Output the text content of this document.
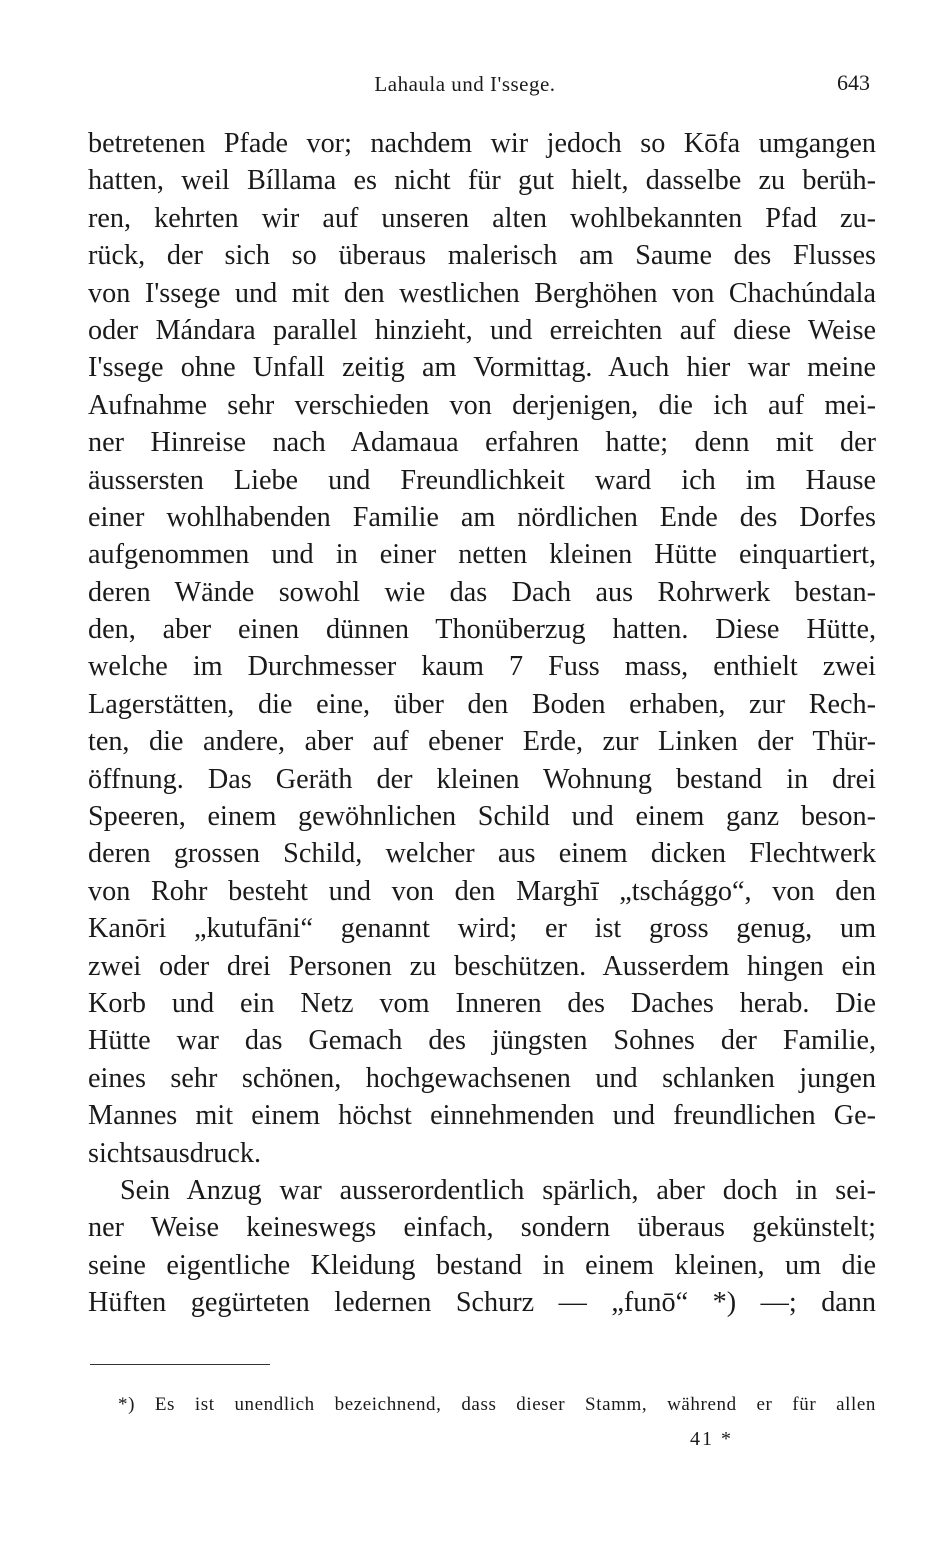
Lahaula und I'ssege.	643
betretenen Pfade vor; nachdem wir jedoch so Kōfa umgangen
hatten, weil Bíllama es nicht für gut hielt, dasselbe zu berüh-
ren, kehrten wir auf unseren alten wohlbekannten Pfad zu-
rück, der sich so überaus malerisch am Saume des Flusses
von I'ssege und mit den westlichen Berghöhen von Chachúndala
oder Mándara parallel hinzieht, und erreichten auf diese Weise
I'ssege ohne Unfall zeitig am Vormittag. Auch hier war meine
Aufnahme sehr verschieden von derjenigen, die ich auf mei-
ner Hinreise nach Adamaua erfahren hatte; denn mit der
äussersten Liebe und Freundlichkeit ward ich im Hause
einer wohlhabenden Familie am nördlichen Ende des Dorfes
aufgenommen und in einer netten kleinen Hütte einquartiert,
deren Wände sowohl wie das Dach aus Rohrwerk bestan-
den, aber einen dünnen Thonüberzug hatten. Diese Hütte,
welche im Durchmesser kaum 7 Fuss mass, enthielt zwei
Lagerstätten, die eine, über den Boden erhaben, zur Rech-
ten, die andere, aber auf ebener Erde, zur Linken der Thür-
öffnung. Das Geräth der kleinen Wohnung bestand in drei
Speeren, einem gewöhnlichen Schild und einem ganz beson-
deren grossen Schild, welcher aus einem dicken Flechtwerk
von Rohr besteht und von den Marghī „tschággo“, von den
Kanōri „kutufāni“ genannt wird; er ist gross genug, um
zwei oder drei Personen zu beschützen. Ausserdem hingen ein
Korb und ein Netz vom Inneren des Daches herab. Die
Hütte war das Gemach des jüngsten Sohnes der Familie,
eines sehr schönen, hochgewachsenen und schlanken jungen
Mannes mit einem höchst einnehmenden und freundlichen Ge-
sichtsausdruck.
Sein Anzug war ausserordentlich spärlich, aber doch in sei-
ner Weise keineswegs einfach, sondern überaus gekünstelt;
seine eigentliche Kleidung bestand in einem kleinen, um die
Hüften gegürteten ledernen Schurz — „funō“ *) —; dann
*) Es ist unendlich bezeichnend, dass dieser Stamm, während er für allen
41 *
